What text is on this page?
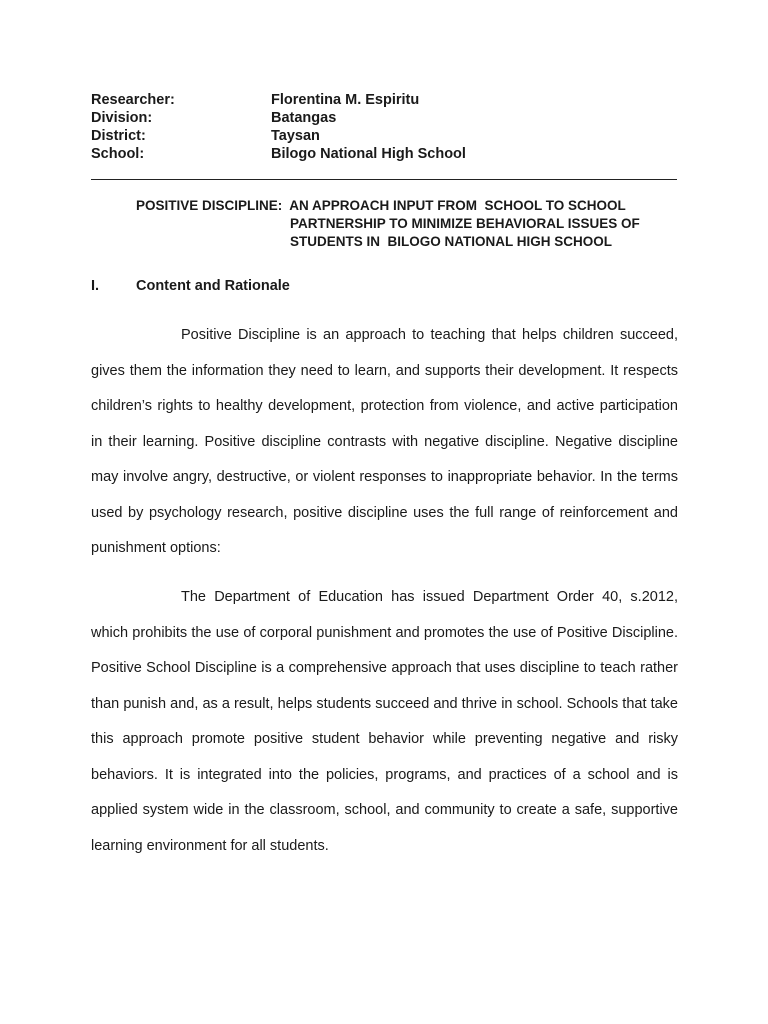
Researcher:	Florentina M. Espiritu
Division:	Batangas
District:	Taysan
School:	Bilogo National High School
POSITIVE DISCIPLINE:  AN APPROACH INPUT FROM  SCHOOL TO SCHOOL
PARTNERSHIP TO MINIMIZE BEHAVIORAL ISSUES OF
STUDENTS IN  BILOGO NATIONAL HIGH SCHOOL
I.	Content and Rationale

Positive Discipline is an approach to teaching that helps children succeed, gives them the information they need to learn, and supports their development. It respects children’s rights to healthy development, protection from violence, and active participation in their learning. Positive discipline contrasts with negative discipline. Negative discipline may involve angry, destructive, or violent responses to inappropriate behavior. In the terms used by psychology research, positive discipline uses the full range of reinforcement and punishment options:

The Department of Education has issued Department Order 40, s.2012, which prohibits the use of corporal punishment and promotes the use of Positive Discipline. Positive School Discipline is a comprehensive approach that uses discipline to teach rather than punish and, as a result, helps students succeed and thrive in school. Schools that take this approach promote positive student behavior while preventing negative and risky behaviors. It is integrated into the policies, programs, and practices of a school and is applied system wide in the classroom, school, and community to create a safe, supportive learning environment for all students.
